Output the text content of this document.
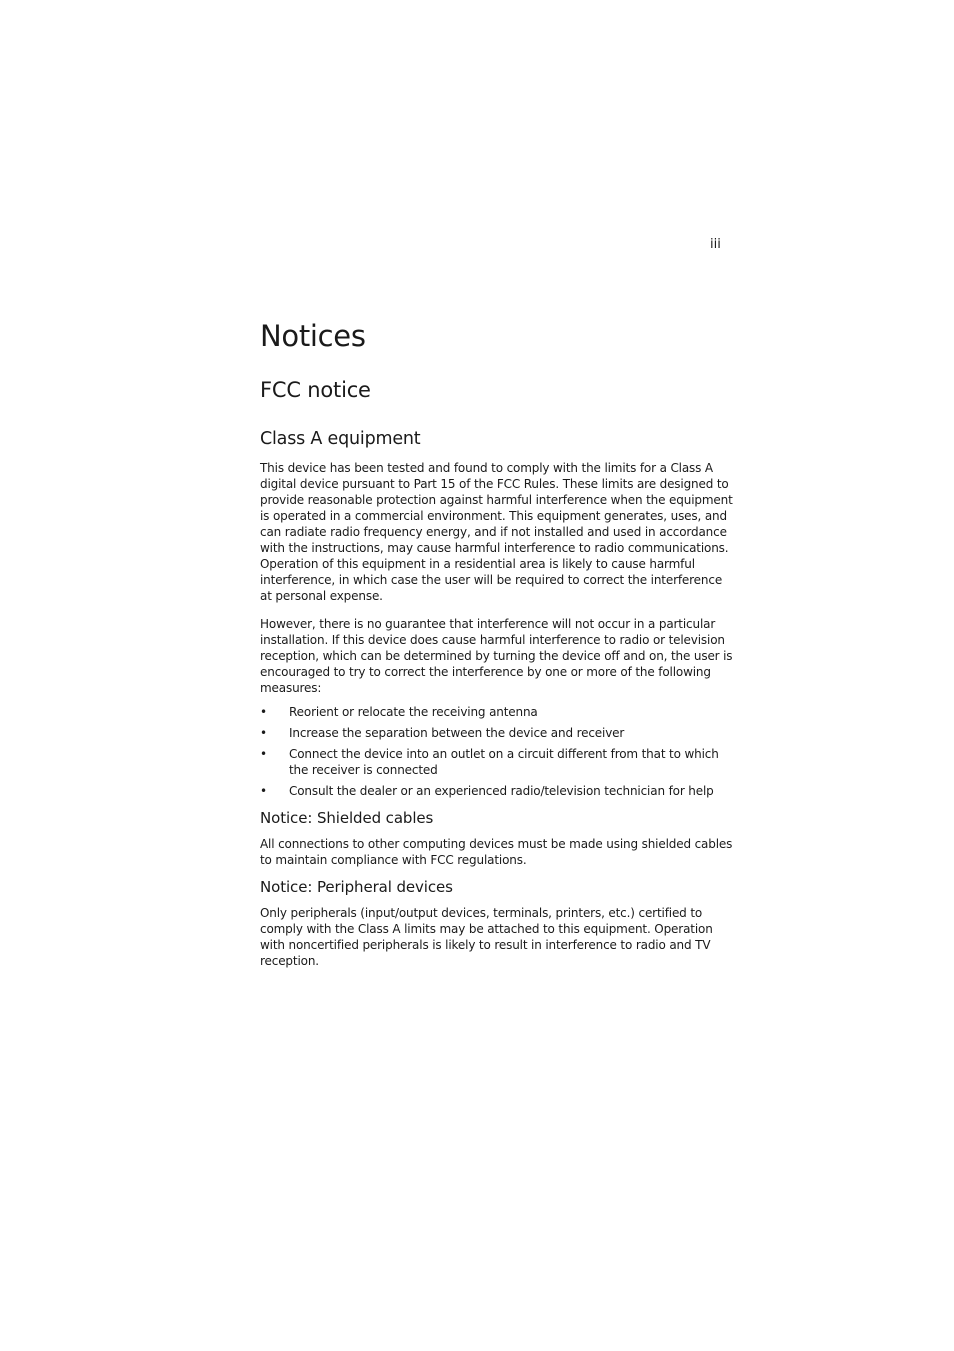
iii
Notices
FCC notice
Class A equipment

This device has been tested and found to comply with the limits for a Class A digital device pursuant to Part 15 of the FCC Rules. These limits are designed to provide reasonable protection against harmful interference when the equipment is operated in a commercial environment. This equipment generates, uses, and can radiate radio frequency energy, and if not installed and used in accordance with the instructions, may cause harmful interference to radio communications. Operation of this equipment in a residential area is likely to cause harmful interference, in which case the user will be required to correct the interference at personal expense.

However, there is no guarantee that interference will not occur in a particular installation. If this device does cause harmful interference to radio or television reception, which can be determined by turning the device off and on, the user is encouraged to try to correct the interference by one or more of the following measures:

• Reorient or relocate the receiving antenna
• Increase the separation between the device and receiver
• Connect the device into an outlet on a circuit different from that to which the receiver is connected
• Consult the dealer or an experienced radio/television technician for help
Notice: Shielded cables

All connections to other computing devices must be made using shielded cables to maintain compliance with FCC regulations.

Notice: Peripheral devices

Only peripherals (input/output devices, terminals, printers, etc.) certified to comply with the Class A limits may be attached to this equipment. Operation with noncertified peripherals is likely to result in interference to radio and TV reception.
